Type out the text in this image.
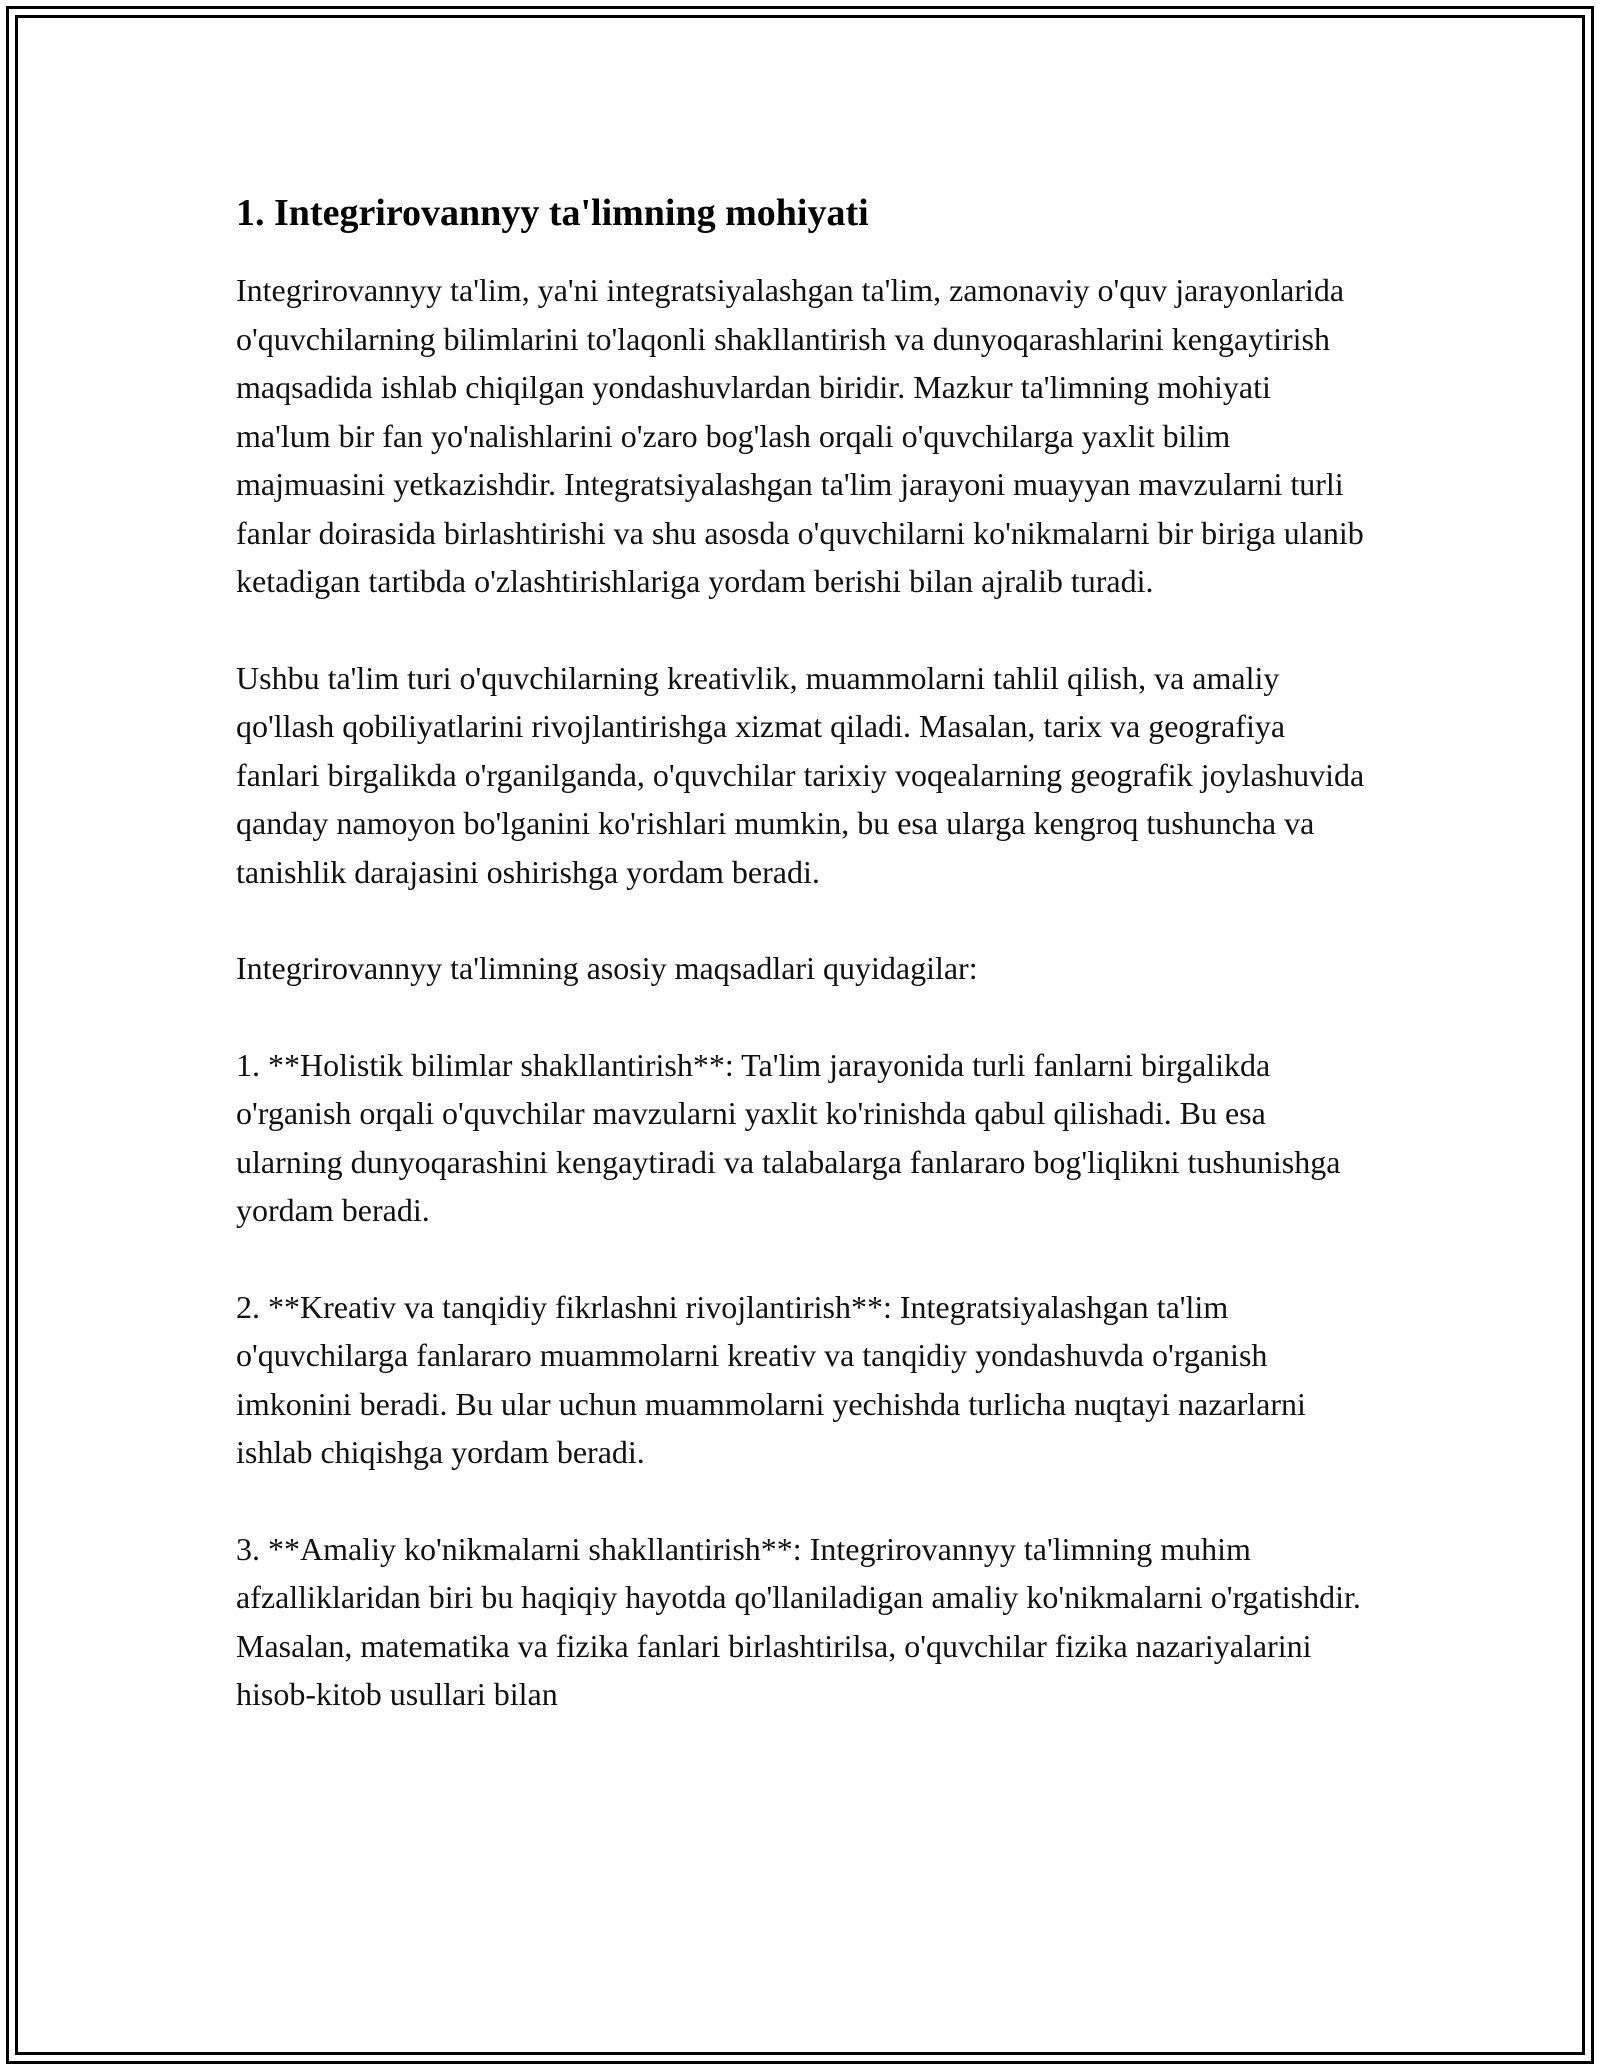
1. Integrirovannyy ta'limning mohiyati

Integrirovannyy ta'lim, ya'ni integratsiyalashgan ta'lim, zamonaviy o'quv jarayonlarida o'quvchilarning bilimlarini to'laqonli shakllantirish va dunyoqarashlarini kengaytirish maqsadida ishlab chiqilgan yondashuvlardan biridir. Mazkur ta'limning mohiyati ma'lum bir fan yo'nalishlarini o'zaro bog'lash orqali o'quvchilarga yaxlit bilim majmuasini yetkazishdir. Integratsiyalashgan ta'lim jarayoni muayyan mavzularni turli fanlar doirasida birlashtirishi va shu asosda o'quvchilarni ko'nikmalarni bir biriga ulanib ketadigan tartibda o'zlashtirishlariga yordam berishi bilan ajralib turadi.

Ushbu ta'lim turi o'quvchilarning kreativlik, muammolarni tahlil qilish, va amaliy qo'llash qobiliyatlarini rivojlantirishga xizmat qiladi. Masalan, tarix va geografiya fanlari birgalikda o'rganilganda, o'quvchilar tarixiy voqealarning geografik joylashuvida qanday namoyon bo'lganini ko'rishlari mumkin, bu esa ularga kengroq tushuncha va tanishlik darajasini oshirishga yordam beradi.

Integrirovannyy ta'limning asosiy maqsadlari quyidagilar:

1. **Holistik bilimlar shakllantirish**: Ta'lim jarayonida turli fanlarni birgalikda o'rganish orqali o'quvchilar mavzularni yaxlit ko'rinishda qabul qilishadi. Bu esa ularning dunyoqarashini kengaytiradi va talabalarga fanlararo bog'liqlikni tushunishga yordam beradi.

2. **Kreativ va tanqidiy fikrlashni rivojlantirish**: Integratsiyalashgan ta'lim o'quvchilarga fanlararo muammolarni kreativ va tanqidiy yondashuvda o'rganish imkonini beradi. Bu ular uchun muammolarni yechishda turlicha nuqtayi nazarlarni ishlab chiqishga yordam beradi.

3. **Amaliy ko'nikmalarni shakllantirish**: Integrirovannyy ta'limning muhim afzalliklaridan biri bu haqiqiy hayotda qo'llaniladigan amaliy ko'nikmalarni o'rgatishdir. Masalan, matematika va fizika fanlari birlashtirilsa, o'quvchilar fizika nazariyalarini hisob-kitob usullari bilan
